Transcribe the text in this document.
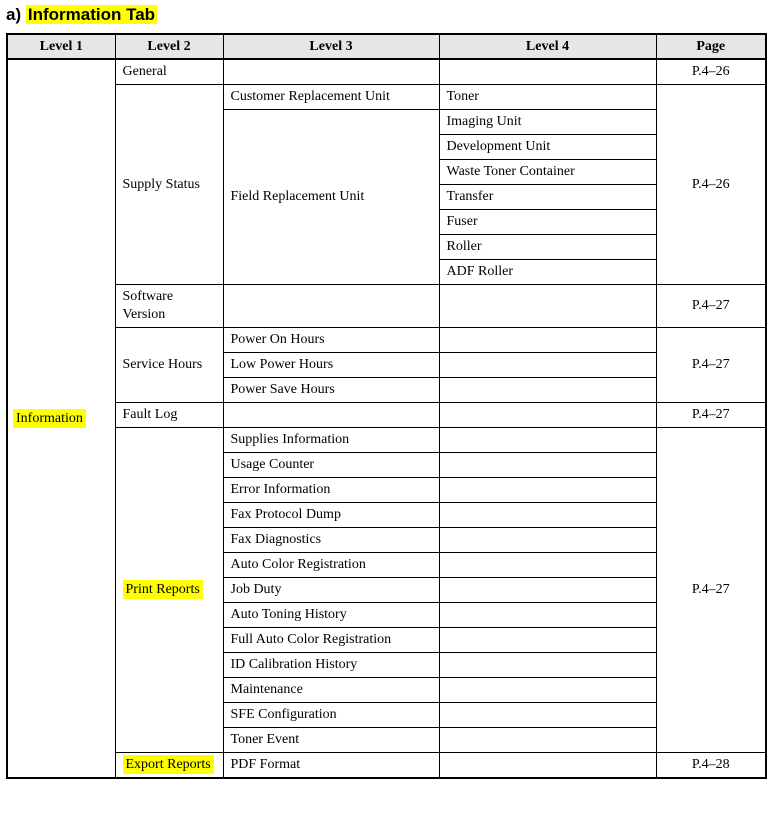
a) Information Tab
Level 1	Level 2	Level 3	Level 4	Page
Information	General			P.4–26
	Supply Status	Customer Replacement Unit	Toner	P.4–26
		Field Replacement Unit	Imaging Unit	
			Development Unit	
			Waste Toner Container	
			Transfer	
			Fuser	
			Roller	
			ADF Roller	
	Software Version			P.4–27
	Service Hours	Power On Hours		P.4–27
		Low Power Hours		
		Power Save Hours		
	Fault Log			P.4–27
	Print Reports	Supplies Information		P.4–27
		Usage Counter		
		Error Information		
		Fax Protocol Dump		
		Fax Diagnostics		
		Auto Color Registration		
		Job Duty		
		Auto Toning History		
		Full Auto Color Registration		
		ID Calibration History		
		Maintenance		
		SFE Configuration		
		Toner Event		
	Export Reports	PDF Format		P.4–28
